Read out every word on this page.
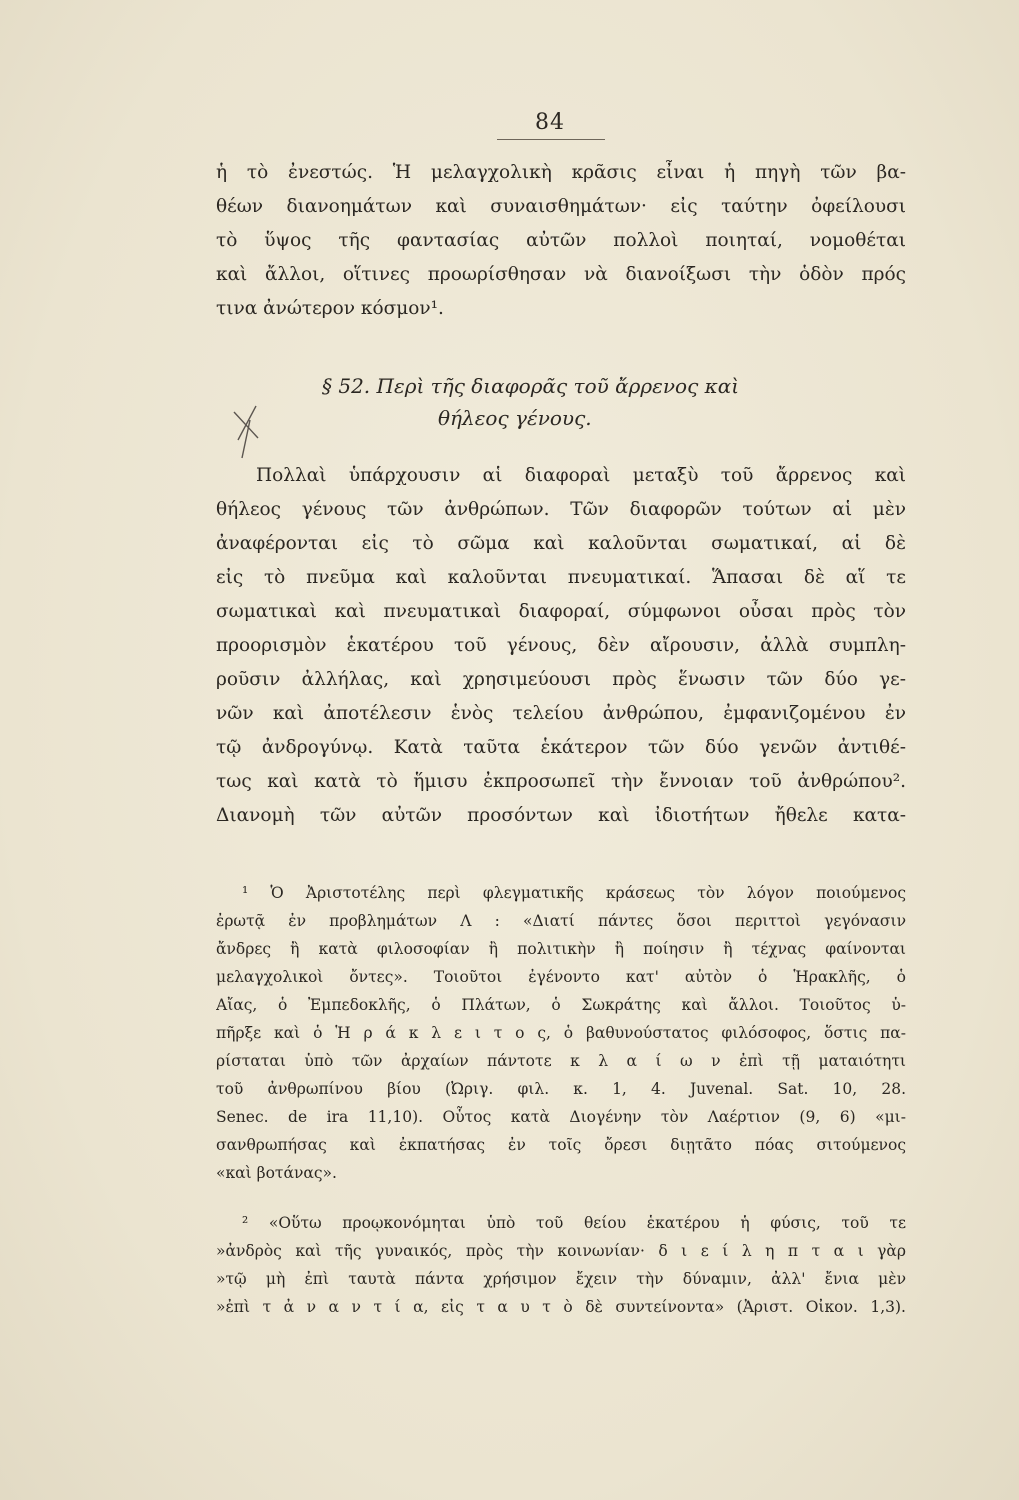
84
ἡ τὸ ἐνεστώς. Ἡ μελαγχολικὴ κρᾶσις εἶναι ἡ πηγὴ τῶν βα-
θέων διανοημάτων καὶ συναισθημάτων· εἰς ταύτην ὀφείλουσι
τὸ ὕψος τῆς φαντασίας αὐτῶν πολλοὶ ποιηταί, νομοθέται
καὶ ἄλλοι, οἵτινες προωρίσθησαν νὰ διανοίξωσι τὴν ὁδὸν πρός
τινα ἀνώτερον κόσμον¹.
§ 52. Περὶ τῆς διαφορᾶς τοῦ ἄρρενος καὶ
θήλεος γένους.
Πολλαὶ ὑπάρχουσιν αἱ διαφοραὶ μεταξὺ τοῦ ἄρρενος καὶ
θήλεος γένους τῶν ἀνθρώπων. Τῶν διαφορῶν τούτων αἱ μὲν
ἀναφέρονται εἰς τὸ σῶμα καὶ καλοῦνται σωματικαί, αἱ δὲ
εἰς τὸ πνεῦμα καὶ καλοῦνται πνευματικαί. Ἅπασαι δὲ αἵ τε
σωματικαὶ καὶ πνευματικαὶ διαφοραί, σύμφωνοι οὖσαι πρὸς τὸν
προορισμὸν ἑκατέρου τοῦ γένους, δὲν αἴρουσιν, ἀλλὰ συμπλη-
ροῦσιν ἀλλήλας, καὶ χρησιμεύουσι πρὸς ἕνωσιν τῶν δύο γε-
νῶν καὶ ἀποτέλεσιν ἑνὸς τελείου ἀνθρώπου, ἐμφανιζομένου ἐν
τῷ ἀνδρογύνῳ. Κατὰ ταῦτα ἑκάτερον τῶν δύο γενῶν ἀντιθέ-
τως καὶ κατὰ τὸ ἥμισυ ἐκπροσωπεῖ τὴν ἔννοιαν τοῦ ἀνθρώπου².
Διανομὴ τῶν αὐτῶν προσόντων καὶ ἰδιοτήτων ἤθελε κατα-
¹ Ὁ Ἀριστοτέλης περὶ φλεγματικῆς κράσεως τὸν λόγον ποιούμενος
ἐρωτᾷ ἐν προβλημάτων Λ : «Διατί πάντες ὅσοι περιττοὶ γεγόνασιν
ἄνδρες ἢ κατὰ φιλοσοφίαν ἢ πολιτικὴν ἢ ποίησιν ἢ τέχνας φαίνονται
μελαγχολικοὶ ὄντες». Τοιοῦτοι ἐγένοντο κατ' αὐτὸν ὁ Ἡρακλῆς, ὁ
Αἴας, ὁ Ἐμπεδοκλῆς, ὁ Πλάτων, ὁ Σωκράτης καὶ ἄλλοι. Τοιοῦτος ὑ-
πῆρξε καὶ ὁ Ἡ ρ ά κ λ ε ι τ ο ς, ὁ βαθυνούστατος φιλόσοφος, ὅστις πα-
ρίσταται ὑπὸ τῶν ἀρχαίων πάντοτε κ λ α ί ω ν ἐπὶ τῇ ματαιότητι
τοῦ ἀνθρωπίνου βίου (Ὠριγ. φιλ. κ. 1, 4. Juvenal. Sat. 10, 28.
Senec. de ira 11,10). Οὗτος κατὰ Διογένην τὸν Λαέρτιον (9, 6) «μι-
σανθρωπήσας καὶ ἐκπατήσας ἐν τοῖς ὄρεσι διῃτᾶτο πόας σιτούμενος
«καὶ βοτάνας».
² «Οὕτω προῳκονόμηται ὑπὸ τοῦ θείου ἑκατέρου ἡ φύσις, τοῦ τε
»ἀνδρὸς καὶ τῆς γυναικός, πρὸς τὴν κοινωνίαν· δ ι ε ί λ η π τ α ι γὰρ
»τῷ μὴ ἐπὶ ταυτὰ πάντα χρήσιμον ἔχειν τὴν δύναμιν, ἀλλ' ἔνια μὲν
»ἐπὶ τ ἀ ν α ν τ ί α, εἰς τ α υ τ ὸ δὲ συντείνοντα» (Ἀριστ. Οἰκον. 1,3).
